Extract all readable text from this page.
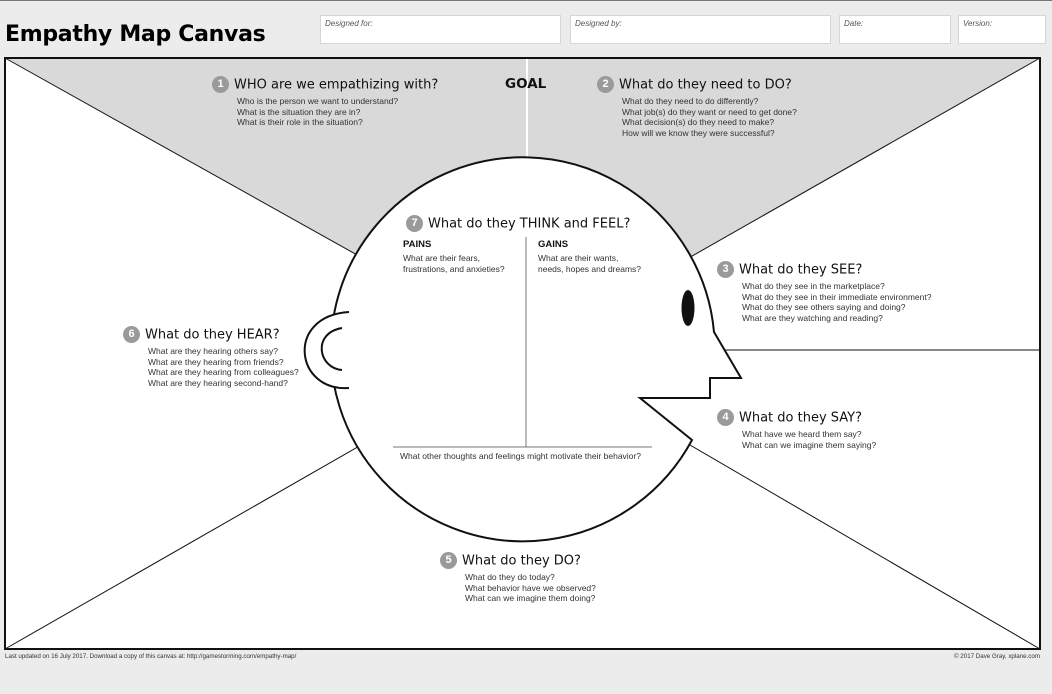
Empathy Map Canvas	Designed for:	Designed by:	Date:	Version:
GOAL
1 WHO are we empathizing with?
Who is the person we want to understand?
What is the situation they are in?
What is their role in the situation?
2 What do they need to DO?
What do they need to do differently?
What job(s) do they want or need to get done?
What decision(s) do they need to make?
How will we know they were successful?
3 What do they SEE?
What do they see in the marketplace?
What do they see in their immediate environment?
What do they see others saying and doing?
What are they watching and reading?
4 What do they SAY?
What have we heard them say?
What can we imagine them saying?
5 What do they DO?
What do they do today?
What behavior have we observed?
What can we imagine them doing?
6 What do they HEAR?
What are they hearing others say?
What are they hearing from friends?
What are they hearing from colleagues?
What are they hearing second-hand?
7 What do they THINK and FEEL?
PAINS
What are their fears,
frustrations, and anxieties?
GAINS
What are their wants,
needs, hopes and dreams?
What other thoughts and feelings might motivate their behavior?
Last updated on 16 July 2017. Download a copy of this canvas at: http://gamestorming.com/empathy-map/	© 2017 Dave Gray, xplane.com
